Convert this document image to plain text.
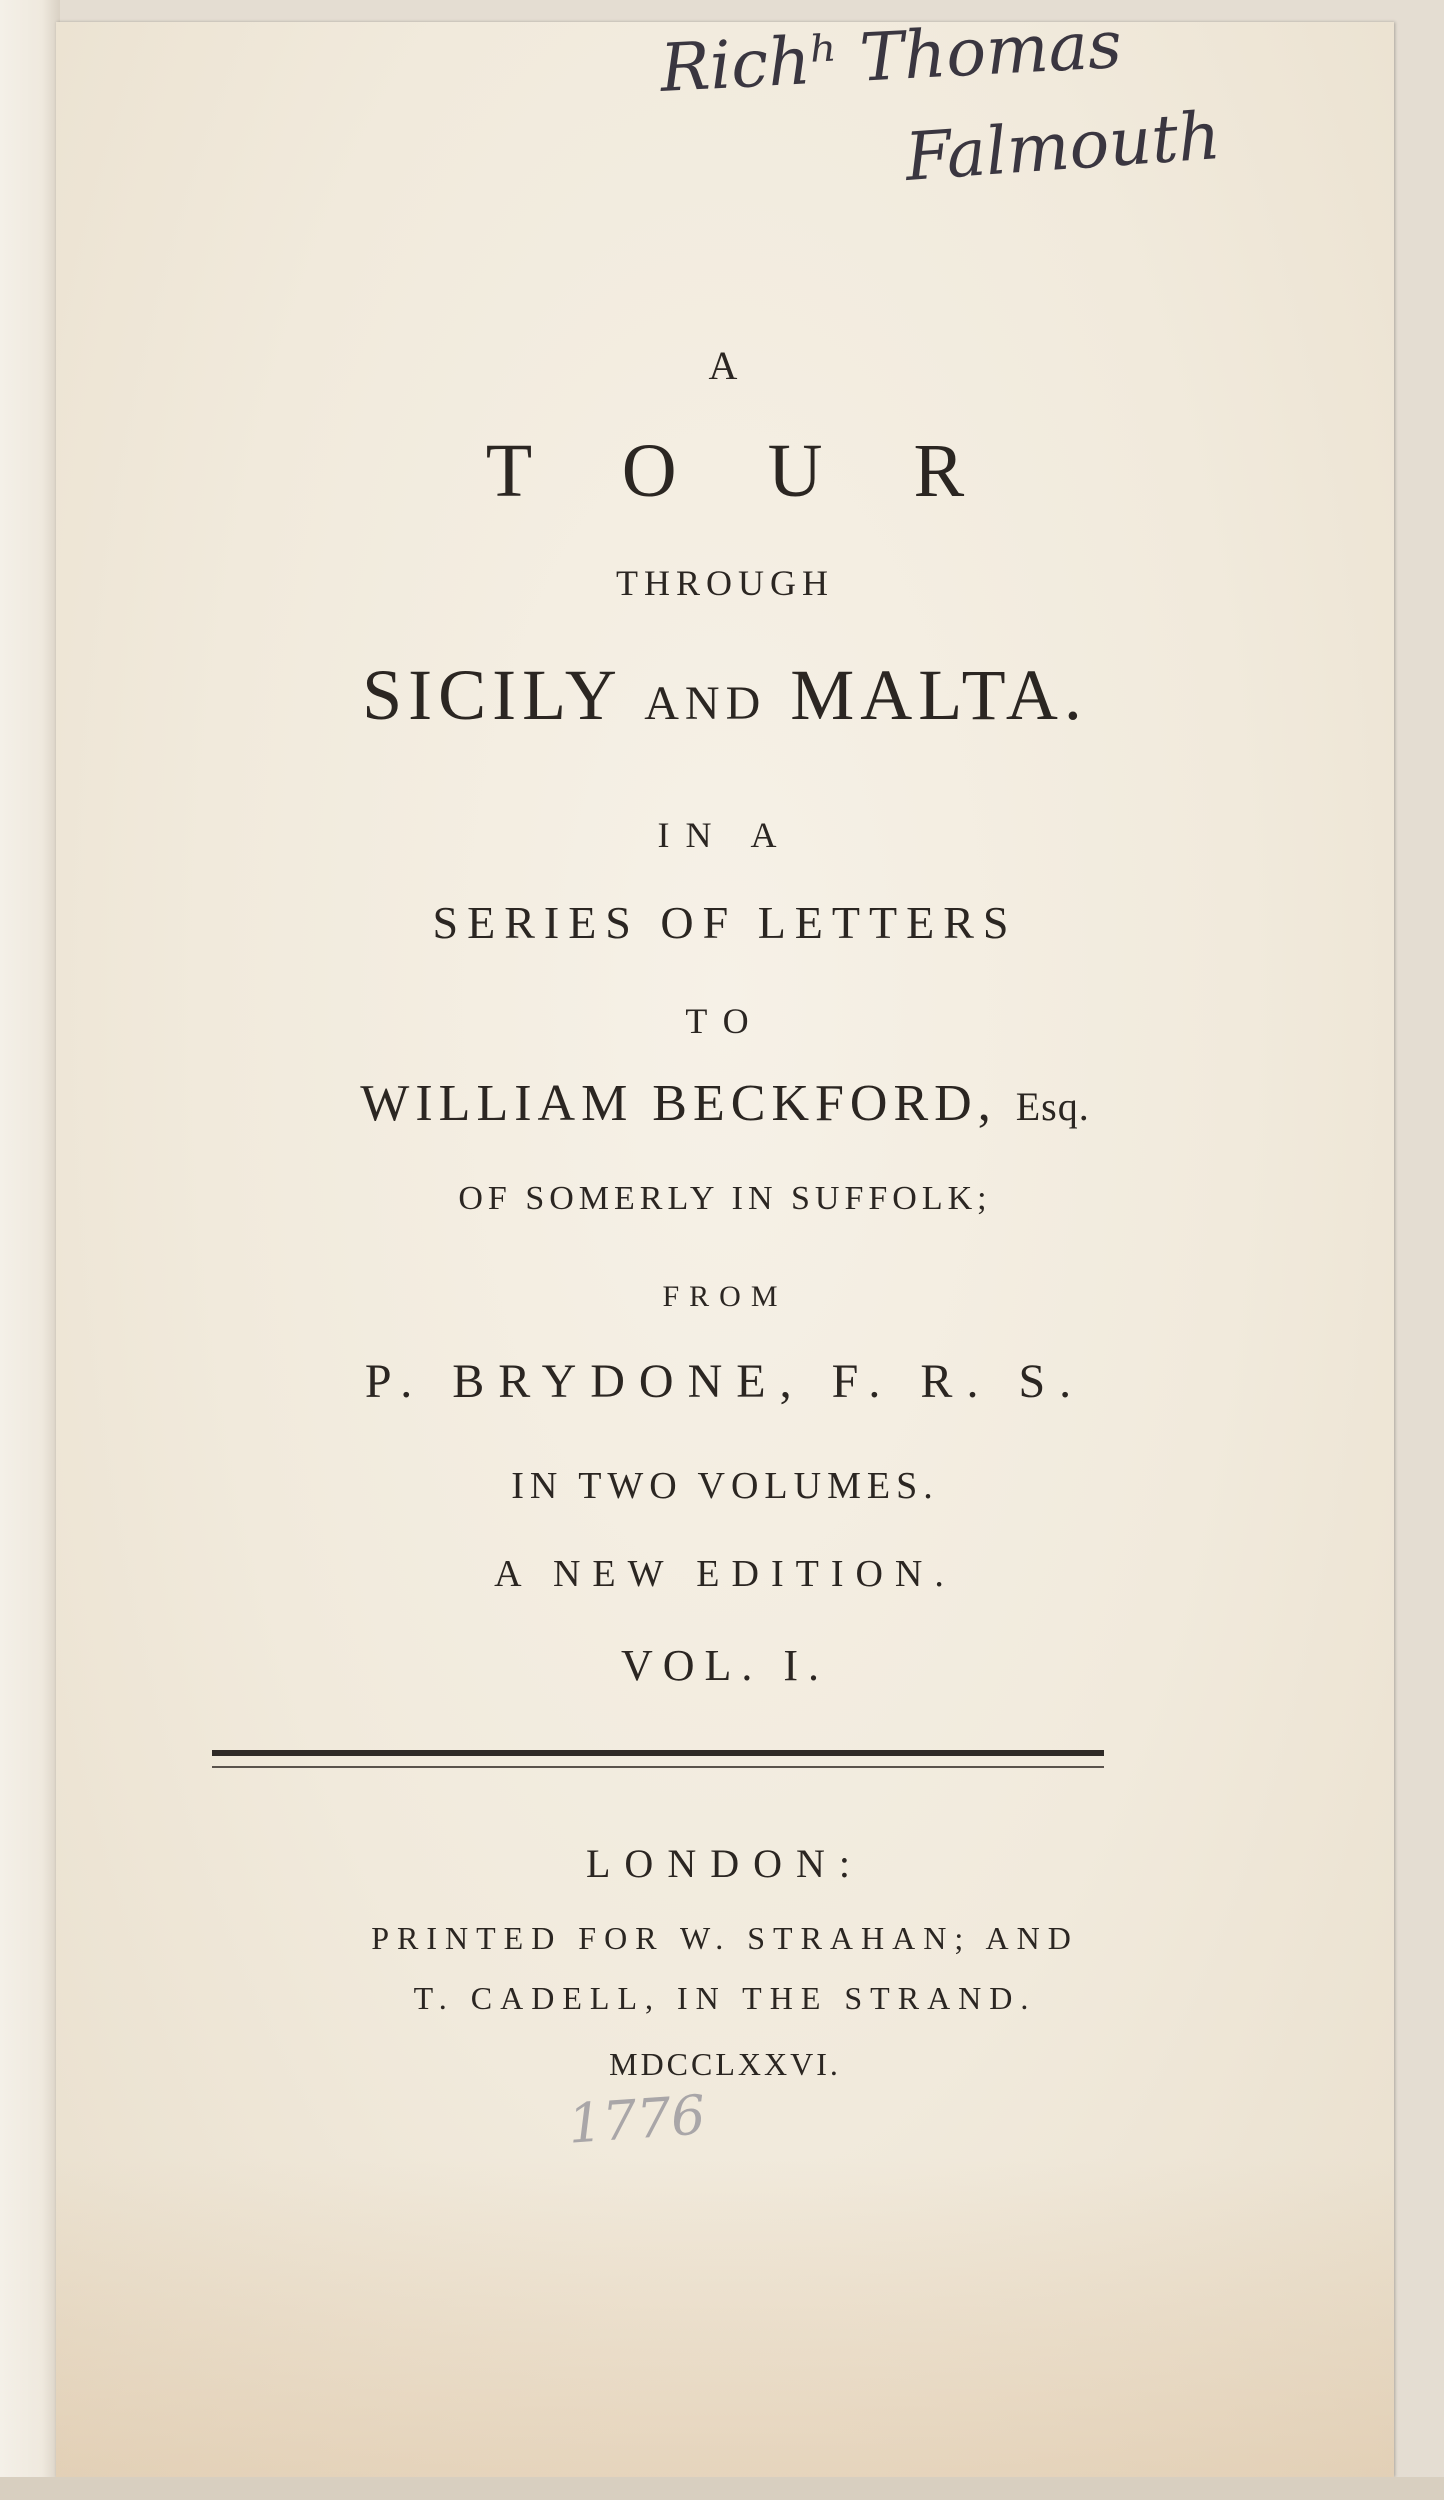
Richʰ Thomas
Falmouth
A
T O U R
THROUGH
SICILY AND MALTA.
IN A
SERIES OF LETTERS
TO
WILLIAM BECKFORD, Esq.
OF SOMERLY IN SUFFOLK;
FROM
P. BRYDONE, F. R. S.
IN TWO VOLUMES.
A NEW EDITION.
VOL. I.
LONDON:
PRINTED FOR W. STRAHAN; AND
T. CADELL, IN THE STRAND.
MDCCLXXVI.
1776
